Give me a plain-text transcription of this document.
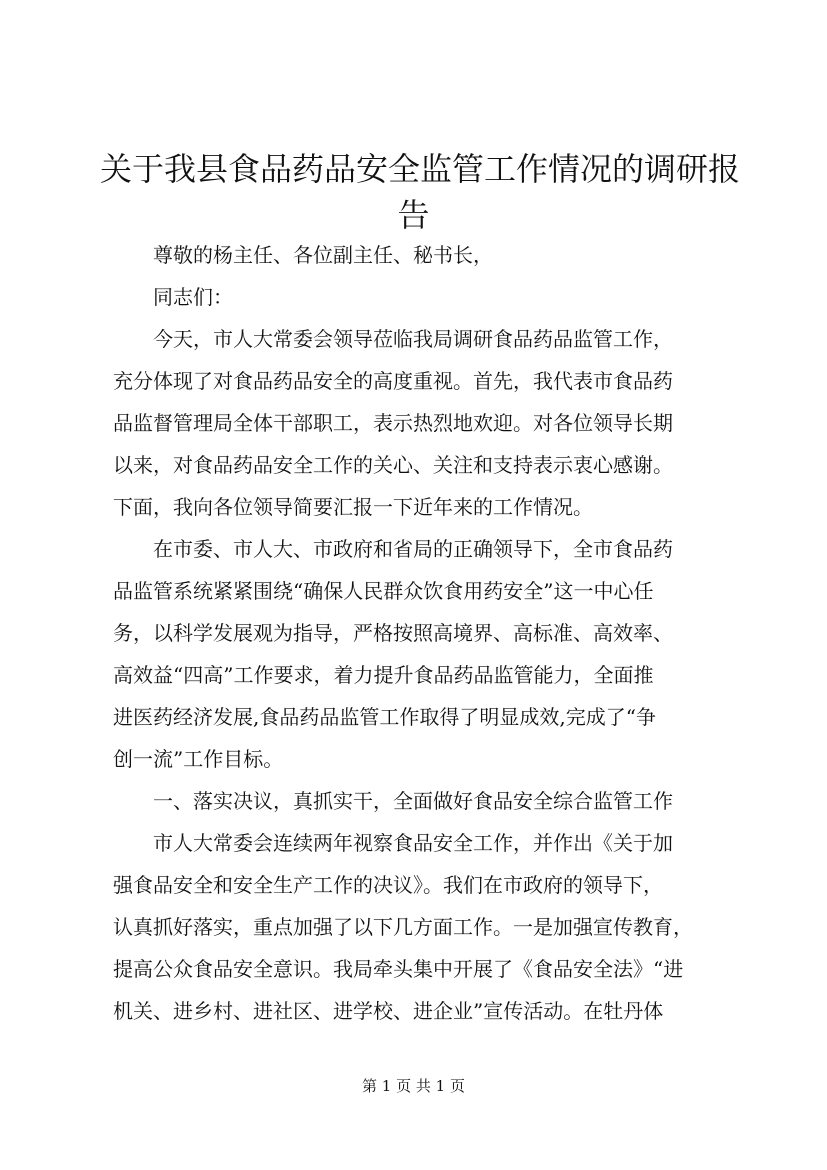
关于我县食品药品安全监管工作情况的调研报
告

尊敬的杨主任、各位副主任、秘书长，

同志们：

今天，市人大常委会领导莅临我局调研食品药品监管工作，
充分体现了对食品药品安全的高度重视。首先，我代表市食品药
品监督管理局全体干部职工，表示热烈地欢迎。对各位领导长期
以来，对食品药品安全工作的关心、关注和支持表示衷心感谢。
下面，我向各位领导简要汇报一下近年来的工作情况。

在市委、市人大、市政府和省局的正确领导下，全市食品药
品监管系统紧紧围绕“确保人民群众饮食用药安全”这一中心任
务，以科学发展观为指导，严格按照高境界、高标准、高效率、
高效益“四高”工作要求，着力提升食品药品监管能力，全面推
进医药经济发展,食品药品监管工作取得了明显成效,完成了“争
创一流”工作目标。

一、落实决议，真抓实干，全面做好食品安全综合监管工作

市人大常委会连续两年视察食品安全工作，并作出《关于加
强食品安全和安全生产工作的决议》。我们在市政府的领导下，
认真抓好落实，重点加强了以下几方面工作。一是加强宣传教育，
提高公众食品安全意识。我局牵头集中开展了《食品安全法》“进
机关、进乡村、进社区、进学校、进企业”宣传活动。在牡丹体

第 1 页 共 1 页
